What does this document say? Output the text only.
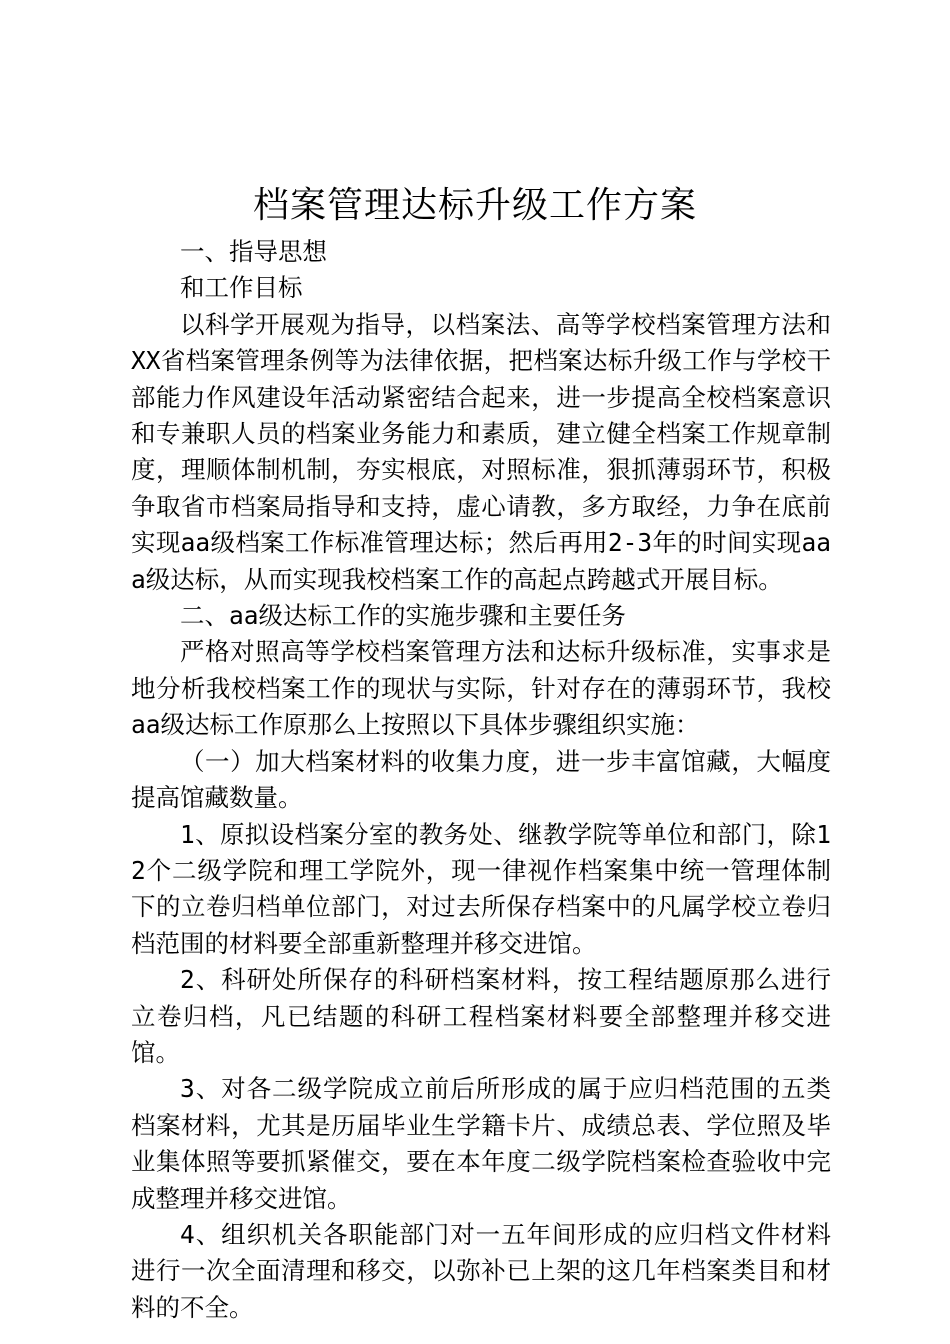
档案管理达标升级工作方案

一、指导思想

和工作目标

以科学开展观为指导，以档案法、高等学校档案管理方法和XX省档案管理条例等为法律依据，把档案达标升级工作与学校干部能力作风建设年活动紧密结合起来，进一步提高全校档案意识和专兼职人员的档案业务能力和素质，建立健全档案工作规章制度，理顺体制机制，夯实根底，对照标准，狠抓薄弱环节，积极争取省市档案局指导和支持，虚心请教，多方取经，力争在底前实现aa级档案工作标准管理达标；然后再用2-3年的时间实现aaa级达标，从而实现我校档案工作的高起点跨越式开展目标。

二、aa级达标工作的实施步骤和主要任务

严格对照高等学校档案管理方法和达标升级标准，实事求是地分析我校档案工作的现状与实际，针对存在的薄弱环节，我校aa级达标工作原那么上按照以下具体步骤组织实施：

（一）加大档案材料的收集力度，进一步丰富馆藏，大幅度提高馆藏数量。

1、原拟设档案分室的教务处、继教学院等单位和部门，除12个二级学院和理工学院外，现一律视作档案集中统一管理体制下的立卷归档单位部门，对过去所保存档案中的凡属学校立卷归档范围的材料要全部重新整理并移交进馆。

2、科研处所保存的科研档案材料，按工程结题原那么进行立卷归档，凡已结题的科研工程档案材料要全部整理并移交进馆。

3、对各二级学院成立前后所形成的属于应归档范围的五类档案材料，尤其是历届毕业生学籍卡片、成绩总表、学位照及毕业集体照等要抓紧催交，要在本年度二级学院档案检查验收中完成整理并移交进馆。

4、组织机关各职能部门对一五年间形成的应归档文件材料进行一次全面清理和移交，以弥补已上架的这几年档案类目和材料的不全。
